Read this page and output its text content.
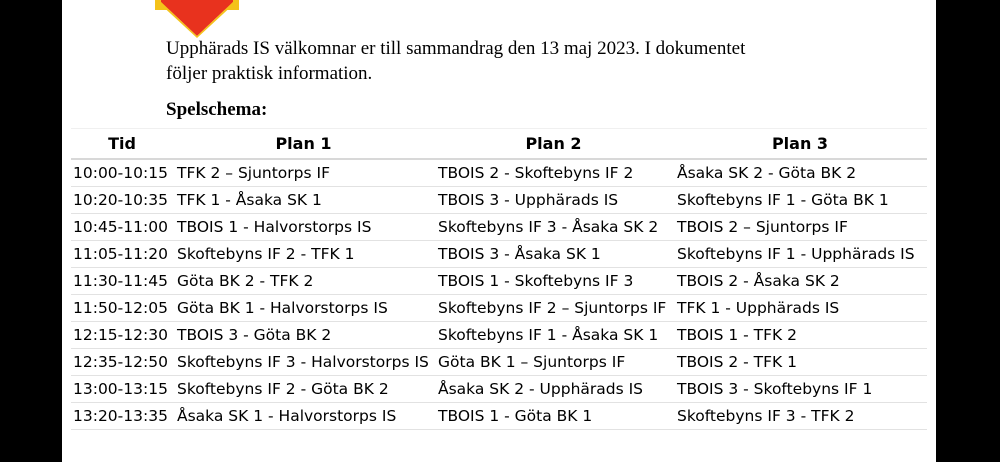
Upphärads IS välkomnar er till sammandrag den 13 maj 2023. I dokumentet

följer praktisk information.

Spelschema:
Tid	Plan 1	Plan 2	Plan 3
10:00-10:15	TFK 2 – Sjuntorps IF	TBOIS 2 - Skoftebyns IF 2	Åsaka SK 2 - Göta BK 2
10:20-10:35	TFK 1 - Åsaka SK 1	TBOIS 3 - Upphärads IS	Skoftebyns IF 1 - Göta BK 1
10:45-11:00	TBOIS 1 - Halvorstorps IS	Skoftebyns IF 3 - Åsaka SK 2	TBOIS 2 – Sjuntorps IF
11:05-11:20	Skoftebyns IF 2 - TFK 1	TBOIS 3 - Åsaka SK 1	Skoftebyns IF 1 - Upphärads IS
11:30-11:45	Göta BK 2 - TFK 2	TBOIS 1 - Skoftebyns IF 3	TBOIS 2 - Åsaka SK 2
11:50-12:05	Göta BK 1 - Halvorstorps IS	Skoftebyns IF 2 – Sjuntorps IF	TFK 1 - Upphärads IS
12:15-12:30	TBOIS 3 - Göta BK 2	Skoftebyns IF 1 - Åsaka SK 1	TBOIS 1 - TFK 2
12:35-12:50	Skoftebyns IF 3 - Halvorstorps IS	Göta BK 1 – Sjuntorps IF	TBOIS 2 - TFK 1
13:00-13:15	Skoftebyns IF 2 - Göta BK 2	Åsaka SK 2 - Upphärads IS	TBOIS 3 - Skoftebyns IF 1
13:20-13:35	Åsaka SK 1 - Halvorstorps IS	TBOIS 1 - Göta BK 1	Skoftebyns IF 3 - TFK 2
